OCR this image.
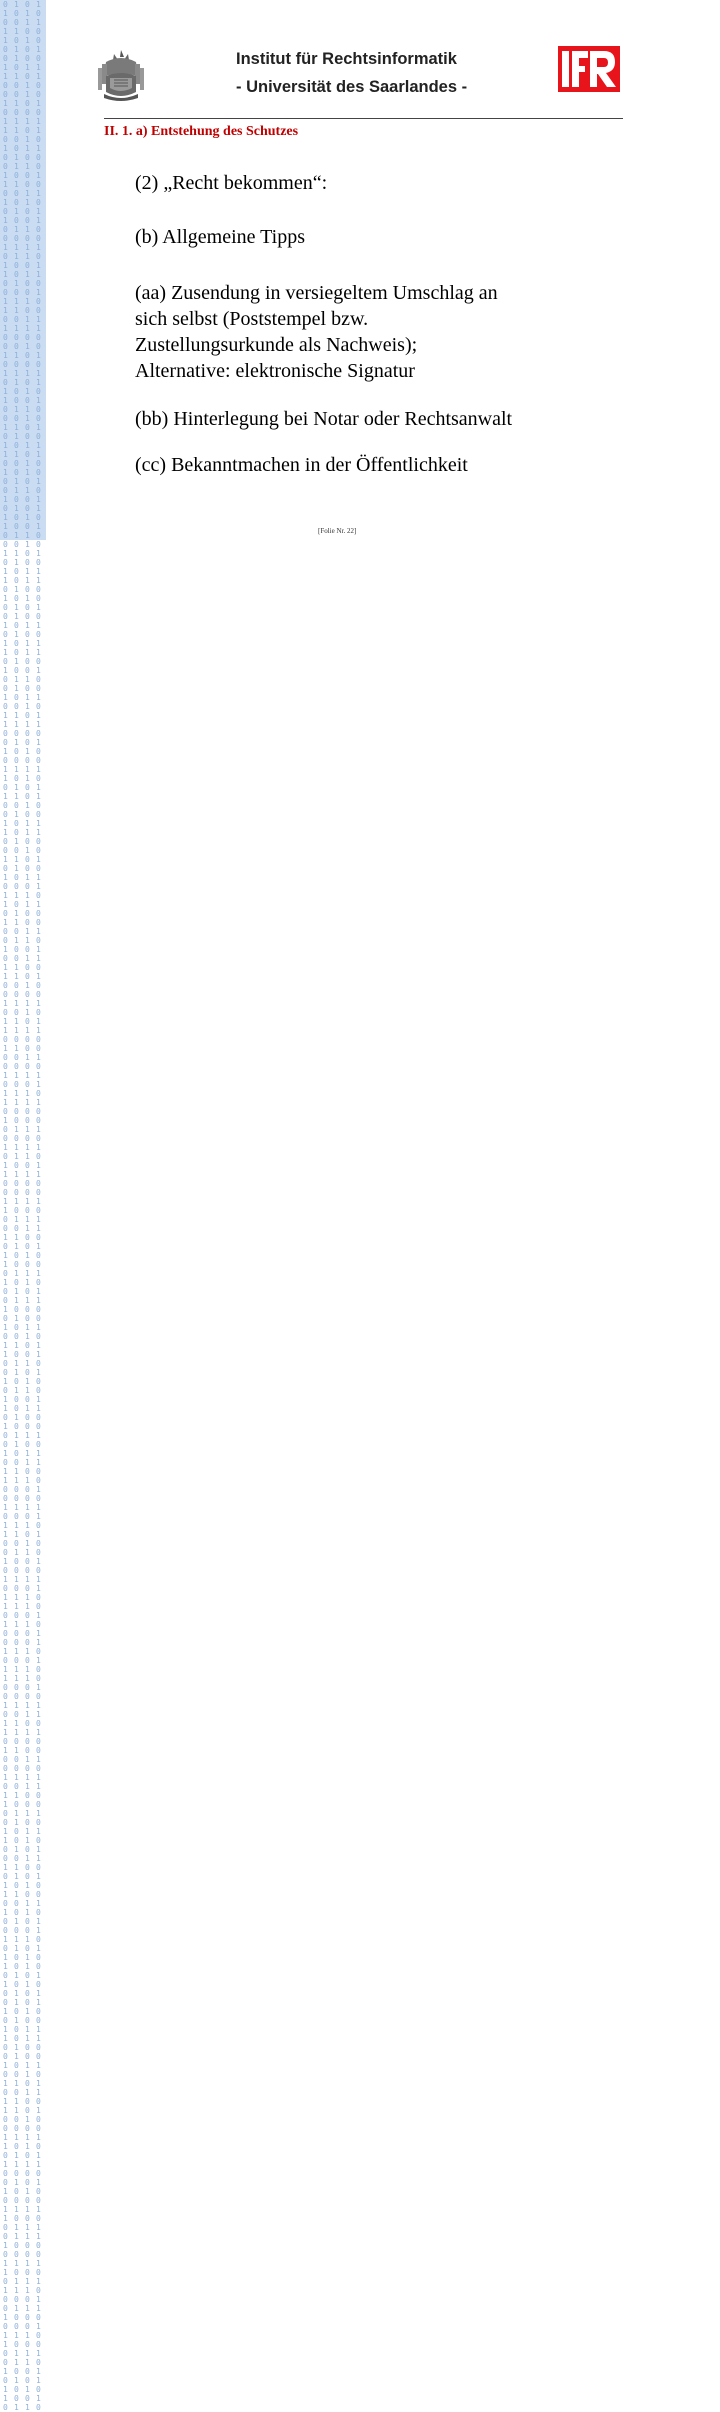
0101100110010110100110101001011001101001010110010110100101100101101001011010010110010110100110010101101001011001011010010110100101100110010110100101011001011010010110010110010101101001011001011010010110011001011010010110100101100101011001101001011001011010010110010110
1001011010010110011010010101100101101001011001011010011010010110010110100101100110100101101001011001011010011001011010010110010110100101011001011010010110100101100110010110100101101001011001011010010101100101101001011001011010011001011001011010010110010110100101101001
0110100101100101101001100101101001011010010101100101101001011001101001011001011010010110010110100101100110100101101001010110010110100101100101101001100101101001011010010101100101101001011001101001011001011010010110010110100101100110100101101001010110010110100101100101
1010010110010110100101011001011010011001011010010110010110100101100101011010010110100101100110010110100101101001011001011010010101100101101001011001011010011001011001011010010110010110100101101001011001010110100101101001011001100101101001011010010110010101101001011010
Institut für Rechtsinformatik
- Universität des Saarlandes -
II. 1. a) Entstehung des Schutzes

(2) „Recht bekommen“:

(b) Allgemeine Tipps

(aa) Zusendung in versiegeltem Umschlag an
sich selbst (Poststempel bzw.
Zustellungsurkunde als Nachweis);
Alternative: elektronische Signatur

(bb) Hinterlegung bei Notar oder Rechtsanwalt

(cc) Bekanntmachen in der Öffentlichkeit

[Folie Nr. 22]
